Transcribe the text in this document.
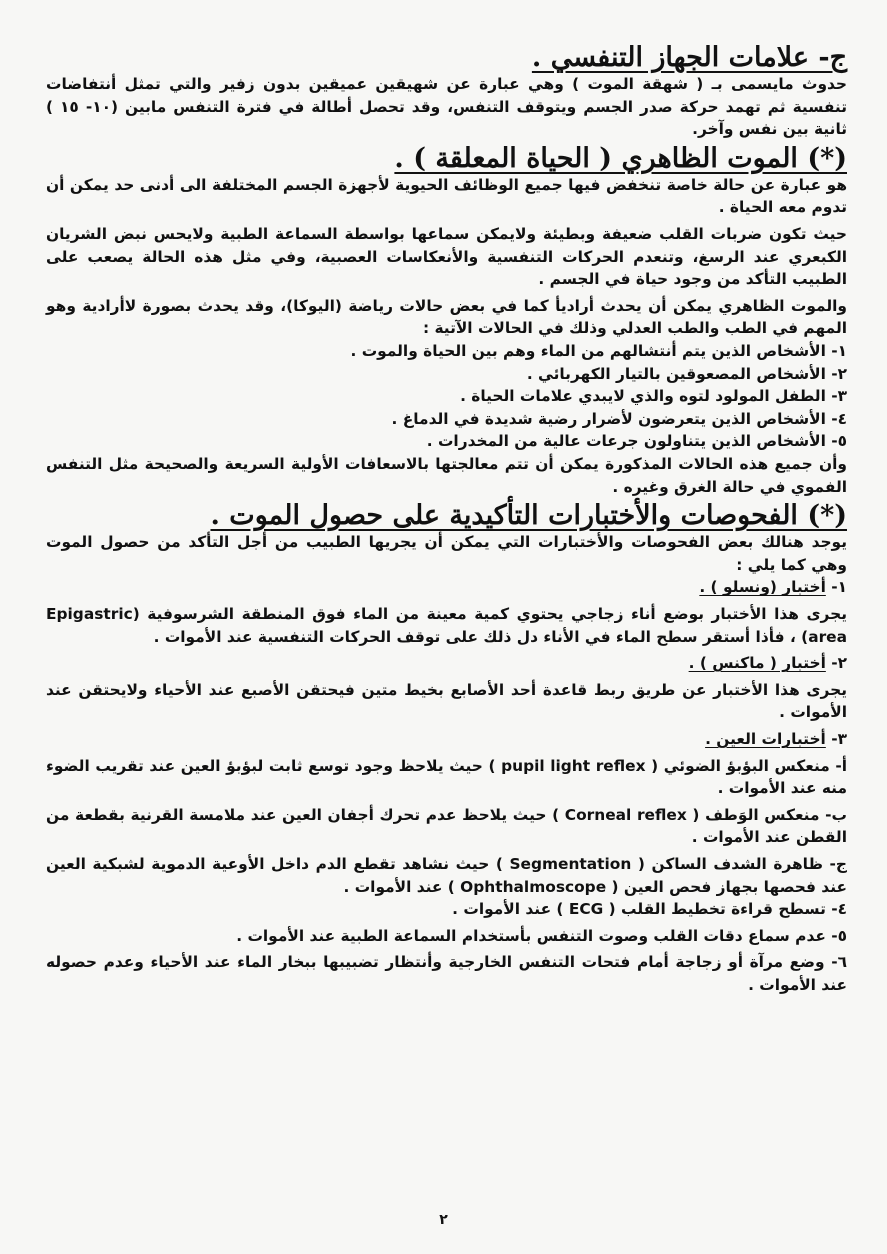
ج- علامات الجهاز التنفسي .

حدوث مايسمى بـ ( شهقة الموت ) وهي عبارة عن شهيقين عميقين بدون زفير والتي تمثل أنتفاضات تنفسية ثم تهمد حركة صدر الجسم ويتوقف التنفس، وقد تحصل أطالة في فترة التنفس مابين (١٠- ١٥ ) ثانية بين نفس وآخر.

(*) الموت الظاهري ( الحياة المعلقة ) .

هو عبارة عن حالة خاصة تنخفض فيها جميع الوظائف الحيوية لأجهزة الجسم المختلفة الى أدنى حد يمكن أن تدوم معه الحياة .

حيث تكون ضربات القلب ضعيفة وبطيئة ولايمكن سماعها بواسطة السماعة الطبية ولايحس نبض الشريان الكبعري عند الرسغ، وتنعدم الحركات التنفسية والأنعكاسات العصبية، وفي مثل هذه الحالة يصعب على الطبيب التأكد من وجود حياة في الجسم .

والموت الظاهري يمكن أن يحدث أراديأ كما في بعض حالات رياضة (اليوكا)، وقد يحدث بصورة لاأرادية وهو المهم في الطب والطب العدلي وذلك في الحالات الآتية :

١- الأشخاص الذين يتم أنتشالهم من الماء وهم بين الحياة والموت .

٢- الأشخاص المصعوقين بالتيار الكهربائي .

٣- الطفل المولود لتوه والذي لايبدي علامات الحياة .

٤- الأشخاص الذين يتعرضون لأضرار رضية شديدة في الدماغ .

٥- الأشخاص الذين يتناولون جرعات عالية من المخدرات .

وأن جميع هذه الحالات المذكورة يمكن أن تتم معالجتها بالاسعافات الأولية السريعة والصحيحة مثل التنفس الفموي في حالة الغرق وغيره .

(*) الفحوصات والأختبارات التأكيدية على حصول الموت .

يوجد هنالك بعض الفحوصات والأختبارات التي يمكن أن يجريها الطبيب من أجل التأكد من حصول الموت وهي كما يلي :

١- أختبار (ونسلو ) .

يجرى هذا الأختبار بوضع أناء زجاجي يحتوي كمية معينة من الماء فوق المنطقة الشرسوفية (Epigastric area) ، فأذا أستقر سطح الماء في الأناء دل ذلك على توقف الحركات التنفسية عند الأموات .

٢- أختبار ( ماكنس ) .

يجرى هذا الأختبار عن طريق ربط قاعدة أحد الأصابع بخيط متين فيحتقن الأصبع عند الأحياء ولايحتقن عند الأموات .

٣- أختبارات العين .

أ- منعكس البؤبؤ الضوئي ( pupil light reflex ) حيث يلاحظ وجود توسع ثابت لبؤبؤ العين عند تقريب الضوء منه عند الأموات .

ب- منعكس الوَطف ( Corneal reflex ) حيث يلاحظ عدم تحرك أجفان العين عند ملامسة القرنية بقطعة من القطن عند الأموات .

ج- ظاهرة الشدف الساكن ( Segmentation ) حيث نشاهد تقطع الدم داخل الأوعية الدموية لشبكية العين عند فحصها بجهاز فحص العين ( Ophthalmoscope ) عند الأموات .

٤- تسطح قراءة تخطيط القلب ( ECG ) عند الأموات .

٥- عدم سماع دقات القلب وصوت التنفس بأستخدام السماعة الطبية عند الأموات .

٦- وضع مرآة أو زجاجة أمام فتحات التنفس الخارجية وأنتظار تضبيبها ببخار الماء عند الأحياء وعدم حصوله عند الأموات .

٢
